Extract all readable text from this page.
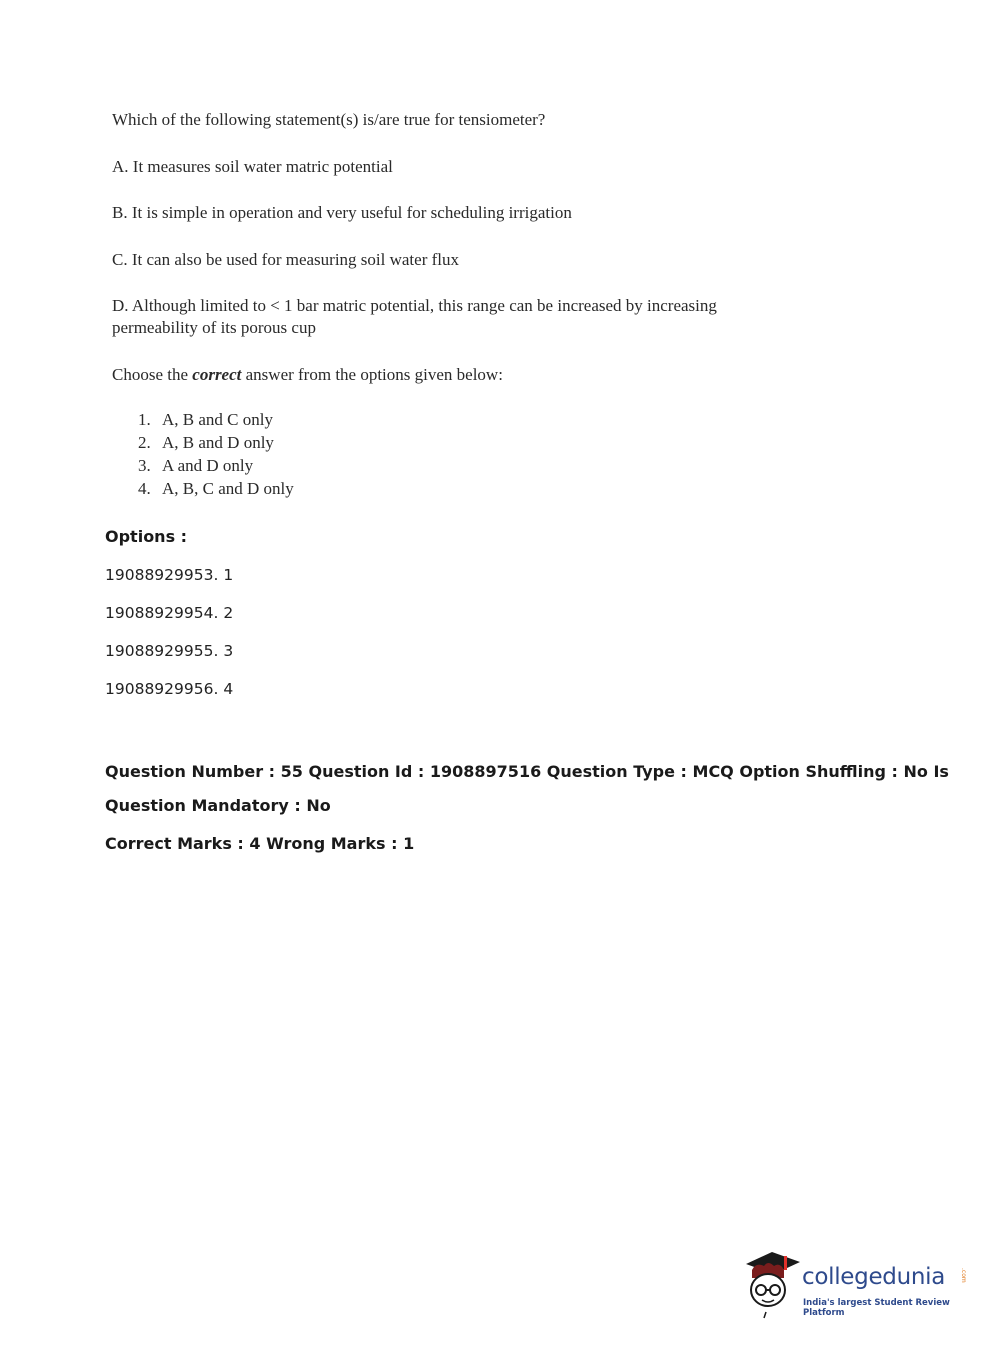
Which of the following statement(s) is/are true for tensiometer?
A. It measures soil water matric potential
B. It is simple in operation and very useful for scheduling irrigation
C. It can also be used for measuring soil water flux
D. Although limited to < 1 bar matric potential, this range can be increased by increasing
permeability of its porous cup
Choose the correct answer from the options given below:
1. A, B and C only
2. A, B and D only
3. A and D only
4. A, B, C and D only
Options :
19088929953. 1
19088929954. 2
19088929955. 3
19088929956. 4
Question Number : 55 Question Id : 1908897516 Question Type : MCQ Option Shuffling : No Is
Question Mandatory : No
Correct Marks : 4 Wrong Marks : 1
collegedunia .com
India's largest Student Review Platform
